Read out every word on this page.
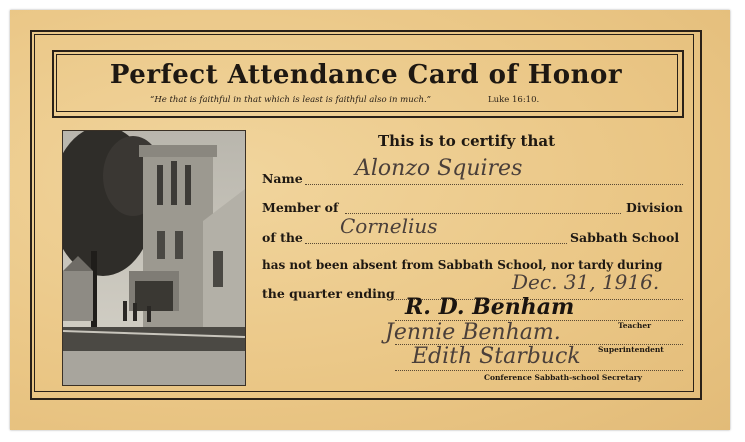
Perfect Attendance Card of Honor
“He that is faithful in that which is least is faithful also in much.”	Luke 16:10.
This is to certify that
Name Alonzo Squires
Member of	Division
of the Cornelius	Sabbath School
has not been absent from Sabbath School, nor tardy during
the quarter ending	Dec. 31, 1916.
R. D. Benham
Teacher
Jennie Benham.
Superintendent
Edith Starbuck
Conference Sabbath-school Secretary
